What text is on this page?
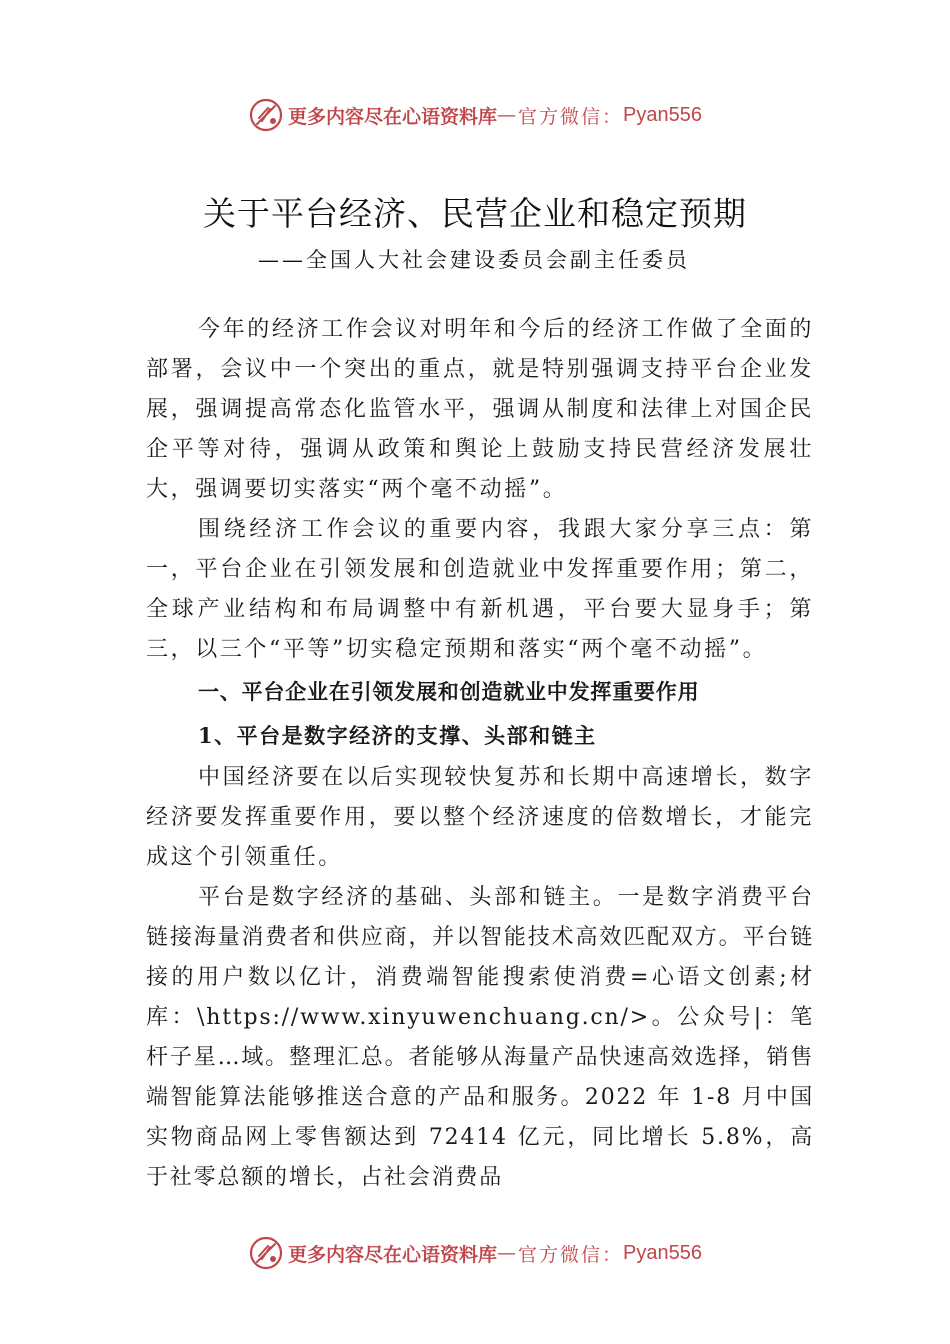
更多内容尽在心语资料库 — 官方微信： Pyan556
关于平台经济、民营企业和稳定预期
——全国人大社会建设委员会副主任委员

今年的经济工作会议对明年和今后的经济工作做了全面的部署，会议中一个突出的重点，就是特别强调支持平台企业发展，强调提高常态化监管水平，强调从制度和法律上对国企民企平等对待，强调从政策和舆论上鼓励支持民营经济发展壮大，强调要切实落实“两个毫不动摇”。

围绕经济工作会议的重要内容，我跟大家分享三点：第一，平台企业在引领发展和创造就业中发挥重要作用；第二，全球产业结构和布局调整中有新机遇，平台要大显身手；第三，以三个“平等”切实稳定预期和落实“两个毫不动摇”。

一、平台企业在引领发展和创造就业中发挥重要作用

1、平台是数字经济的支撑、头部和链主

中国经济要在以后实现较快复苏和长期中高速增长，数字经济要发挥重要作用，要以整个经济速度的倍数增长，才能完成这个引领重任。

平台是数字经济的基础、头部和链主。一是数字消费平台链接海量消费者和供应商，并以智能技术高效匹配双方。平台链接的用户数以亿计，消费端智能搜索使消费=心语文创素;材库：\https://www.xinyuwenchuang.cn/>。公众号|：笔杆子星…域。整理汇总。者能够从海量产品快速高效选择，销售端智能算法能够推送合意的产品和服务。2022 年 1-8 月中国实物商品网上零售额达到 72414 亿元，同比增长 5.8%，高于社零总额的增长，占社会消费品

更多内容尽在心语资料库 — 官方微信： Pyan556
